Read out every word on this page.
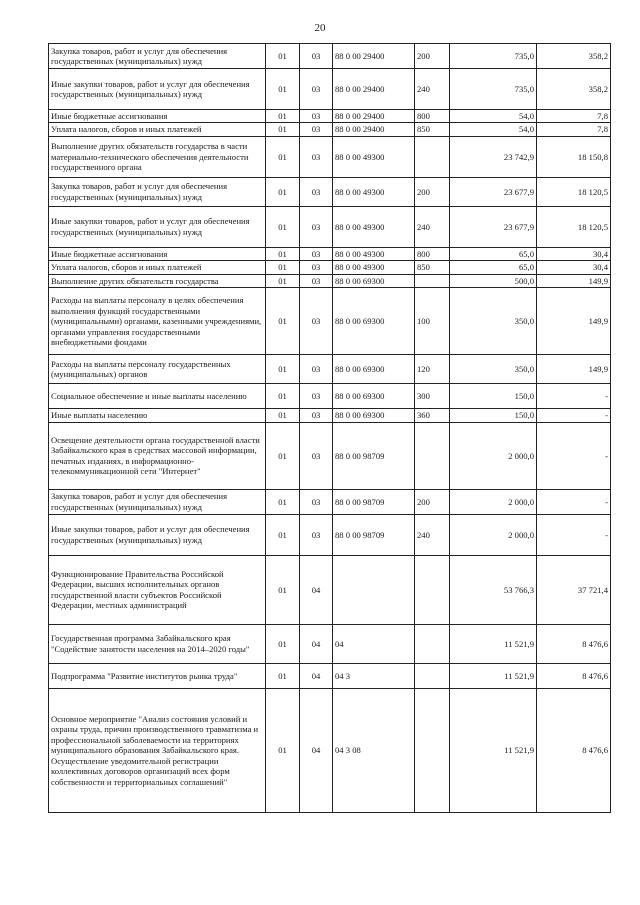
20
Закупка товаров, работ и услуг для обеспечения государственных (муниципальных) нужд	01	03	88 0 00 29400	200	735,0	358,2
Иные закупки товаров, работ и услуг для обеспечения государственных (муниципальных) нужд	01	03	88 0 00 29400	240	735,0	358,2
Иные бюджетные ассигнования	01	03	88 0 00 29400	800	54,0	7,8
Уплата налогов, сборов и иных платежей	01	03	88 0 00 29400	850	54,0	7,8
Выполнение других обязательств государства в части материально-технического обеспечения деятельности государственного органа	01	03	88 0 00 49300		23 742,9	18 150,8
Закупка товаров, работ и услуг для обеспечения государственных (муниципальных) нужд	01	03	88 0 00 49300	200	23 677,9	18 120,5
Иные закупки товаров, работ и услуг для обеспечения государственных (муниципальных) нужд	01	03	88 0 00 49300	240	23 677,9	18 120,5
Иные бюджетные ассигнования	01	03	88 0 00 49300	800	65,0	30,4
Уплата налогов, сборов и иных платежей	01	03	88 0 00 49300	850	65,0	30,4
Выполнение других обязательств государства	01	03	88 0 00 69300		500,0	149,9
Расходы на выплаты персоналу в целях обеспечения выполнения функций государственными (муниципальными) органами, казенными учреждениями, органами управления государственными внебюджетными фондами	01	03	88 0 00 69300	100	350,0	149,9
Расходы на выплаты персоналу государственных (муниципальных) органов	01	03	88 0 00 69300	120	350,0	149,9
Социальное обеспечение и иные выплаты населению	01	03	88 0 00 69300	300	150,0	-
Иные выплаты населению	01	03	88 0 00 69300	360	150,0	-
Освещение деятельности органа государственной власти Забайкальского края в средствах массовой информации, печатных изданиях, в информационно-телекоммуникационной сети "Интернет"	01	03	88 0 00 98709		2 000,0	-
Закупка товаров, работ и услуг для обеспечения государственных (муниципальных) нужд	01	03	88 0 00 98709	200	2 000,0	-
Иные закупки товаров, работ и услуг для обеспечения государственных (муниципальных) нужд	01	03	88 0 00 98709	240	2 000,0	-
Функционирование Правительства Российской Федерации, высших исполнительных органов государственной власти субъектов Российской Федерации, местных администраций	01	04			53 766,3	37 721,4
Государственная программа Забайкальского края "Содействие занятости населения на 2014–2020 годы"	01	04	04		11 521,9	8 476,6
Подпрограмма "Развитие институтов рынка труда"	01	04	04 3		11 521,9	8 476,6
Основное мероприятие "Анализ состояния условий и охраны труда, причин производственного травматизма и профессиональной заболеваемости на территориях муниципального образования Забайкальского края. Осуществление уведомительной регистрации коллективных договоров организаций всех форм собственности и территориальных соглашений"	01	04	04 3 08		11 521,9	8 476,6
